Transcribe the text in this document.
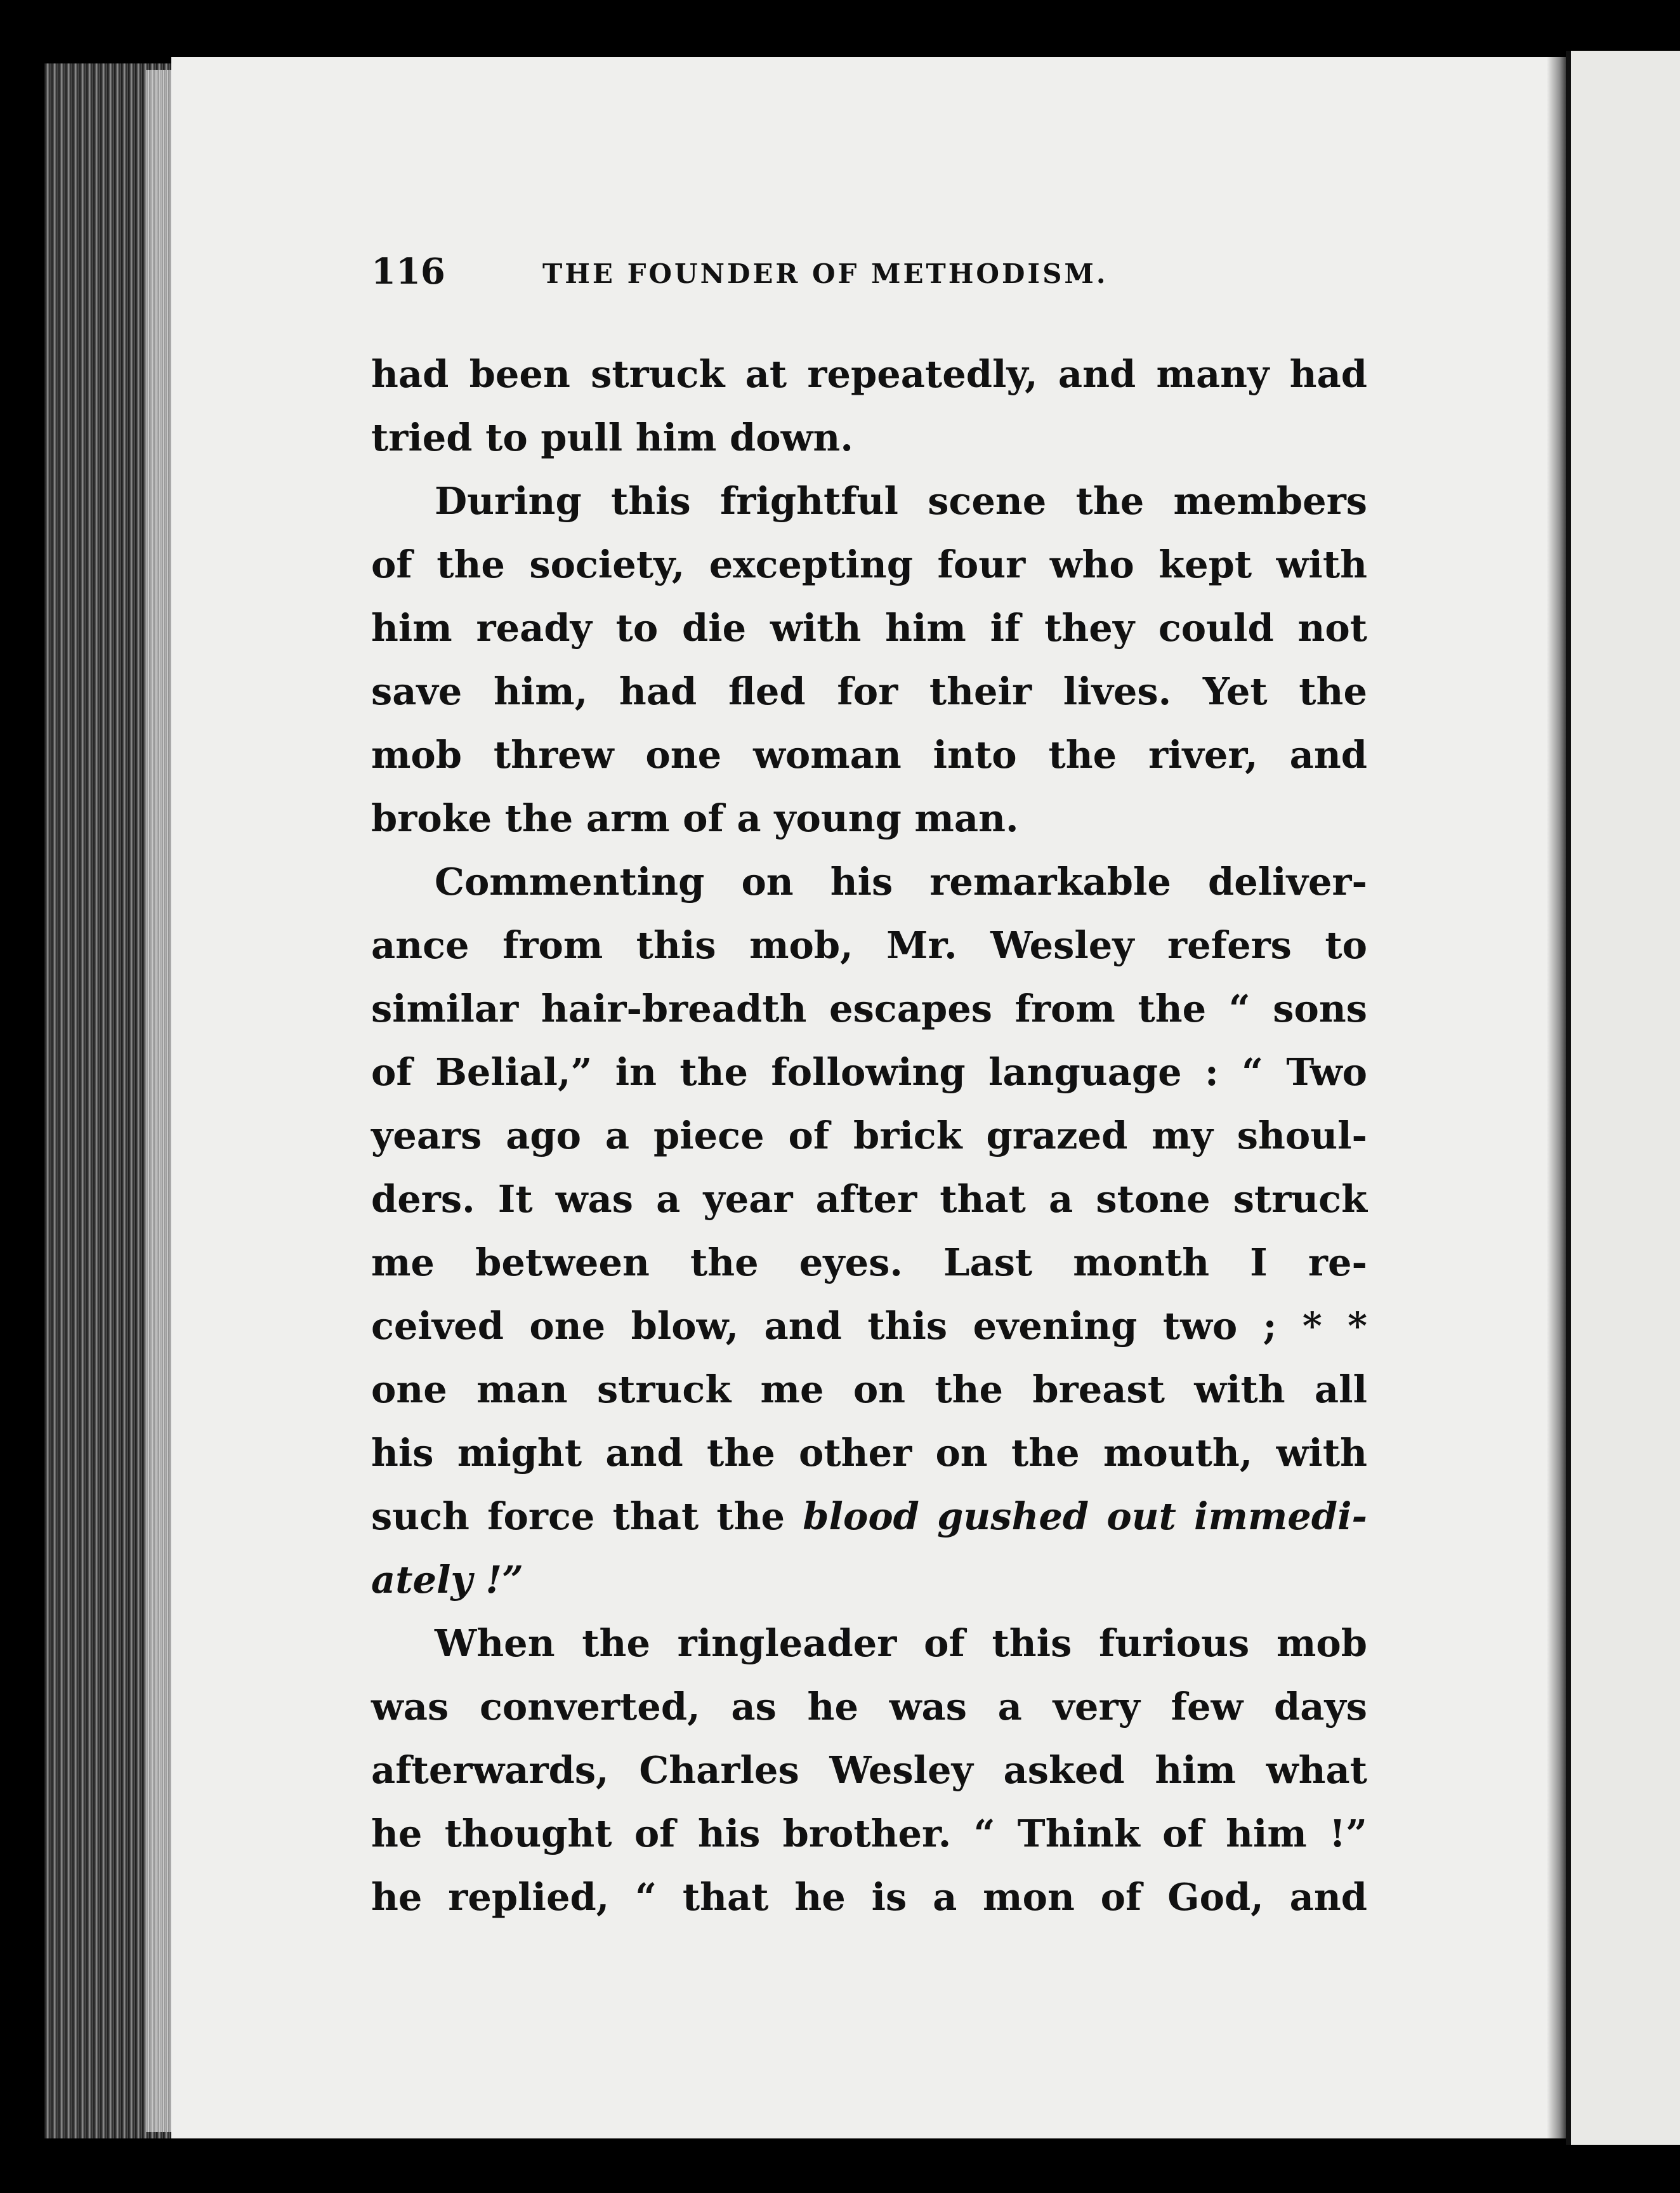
116	THE FOUNDER OF METHODISM.
had been struck at repeatedly, and many had
tried to pull him down.
During this frightful scene the members
of the society, excepting four who kept with
him ready to die with him if they could not
save him, had fled for their lives. Yet the
mob threw one woman into the river, and
broke the arm of a young man.
Commenting on his remarkable deliver-
ance from this mob, Mr. Wesley refers to
similar hair-breadth escapes from the “ sons
of Belial,” in the following language : “ Two
years ago a piece of brick grazed my shoul-
ders. It was a year after that a stone struck
me between the eyes. Last month I re-
ceived one blow, and this evening two ; * *
one man struck me on the breast with all
his might and the other on the mouth, with
such force that the blood gushed out immedi-
ately !”
When the ringleader of this furious mob
was converted, as he was a very few days
afterwards, Charles Wesley asked him what
he thought of his brother. “ Think of him !”
he replied, “ that he is a mon of God, and
